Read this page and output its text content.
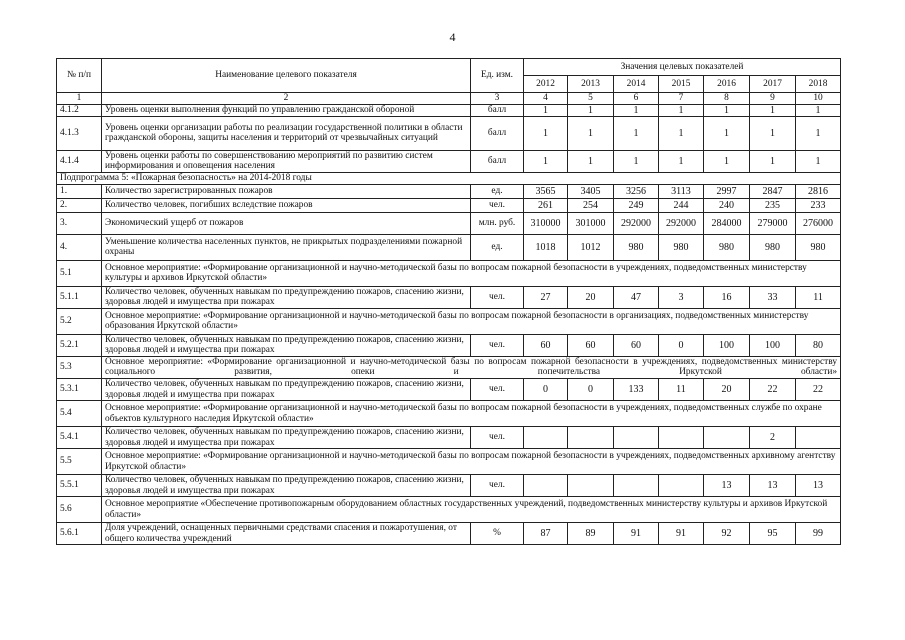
4
№ п/п	Наименование целевого показателя	Ед. изм.	Значения целевых показателей						
			2012	2013	2014	2015	2016	2017	2018
1	2	3	4	5	6	7	8	9	10
4.1.2	Уровень оценки выполнения функций по управлению гражданской обороной	балл	1	1	1	1	1	1	1
4.1.3	Уровень оценки организации работы по реализации государственной политики в области гражданской обороны, защиты населения и территорий от чрезвычайных ситуаций	балл	1	1	1	1	1	1	1
4.1.4	Уровень оценки работы по совершенствованию мероприятий по развитию систем информирования и оповещения населения	балл	1	1	1	1	1	1	1
Подпрограмма 5: «Пожарная безопасность» на 2014-2018 годы									
1.	Количество зарегистрированных пожаров	ед.	3565	3405	3256	3113	2997	2847	2816
2.	Количество человек, погибших вследствие пожаров	чел.	261	254	249	244	240	235	233
3.	Экономический ущерб от пожаров	млн. руб.	310000	301000	292000	292000	284000	279000	276000
4.	Уменьшение количества населенных пунктов, не прикрытых подразделениями пожарной охраны	ед.	1018	1012	980	980	980	980	980
5.1	Основное мероприятие: «Формирование организационной и научно-методической базы по вопросам пожарной безопасности в учреждениях, подведомственных министерству культуры и архивов Иркутской области»								
5.1.1	Количество человек, обученных навыкам по предупреждению пожаров, спасению жизни, здоровья людей и имущества при пожарах	чел.	27	20	47	3	16	33	11
5.2	Основное мероприятие: «Формирование организационной и научно-методической базы по вопросам пожарной безопасности в организациях, подведомственных министерству образования Иркутской области»								
5.2.1	Количество человек, обученных навыкам по предупреждению пожаров, спасению жизни, здоровья людей и имущества при пожарах	чел.	60	60	60	0	100	100	80
5.3	Основное мероприятие: «Формирование организационной и научно-методической базы по вопросам пожарной безопасности в учреждениях, подведомственных министерству социального развития, опеки и попечительства Иркутской области»								
5.3.1	Количество человек, обученных навыкам по предупреждению пожаров, спасению жизни, здоровья людей и имущества при пожарах	чел.	0	0	133	11	20	22	22
5.4	Основное мероприятие: «Формирование организационной и научно-методической базы по вопросам пожарной безопасности в учреждениях, подведомственных службе по охране объектов культурного наследия Иркутской области»								
5.4.1	Количество человек, обученных навыкам по предупреждению пожаров, спасению жизни, здоровья людей и имущества при пожарах	чел.						2	
5.5	Основное мероприятие: «Формирование организационной и научно-методической базы по вопросам пожарной безопасности в учреждениях, подведомственных архивному агентству Иркутской области»								
5.5.1	Количество человек, обученных навыкам по предупреждению пожаров, спасению жизни, здоровья людей и имущества при пожарах	чел.					13	13	13
5.6	Основное мероприятие «Обеспечение противопожарным оборудованием областных государственных учреждений, подведомственных министерству культуры и архивов Иркутской области»								
5.6.1	Доля учреждений, оснащенных первичными средствами спасения и пожаротушения, от общего количества учреждений	%	87	89	91	91	92	95	99
